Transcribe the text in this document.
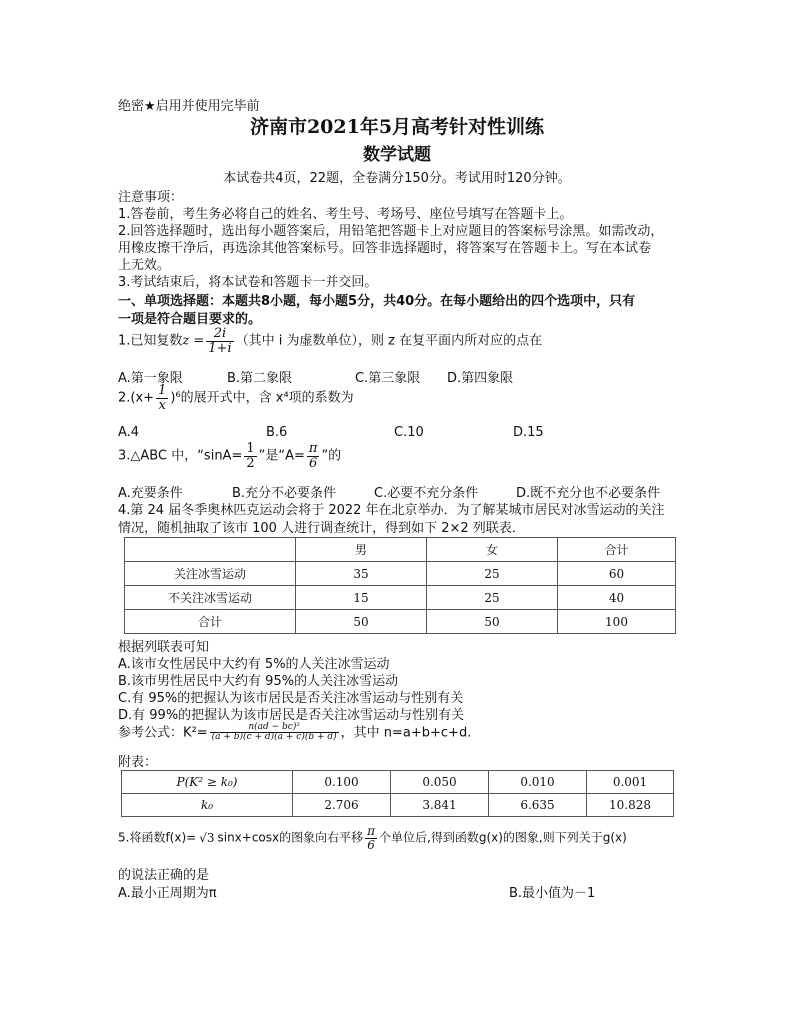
绝密★启用并使用完毕前
济南市2021年5月高考针对性训练
数学试题
本试卷共4页，22题，全卷满分150分。考试用时120分钟。
注意事项：
1.答卷前，考生务必将自己的姓名、考生号、考场号、座位号填写在答题卡上。
2.回答选择题时，选出每小题答案后，用铅笔把答题卡上对应题目的答案标号涂黑。如需改动，
用橡皮擦干净后，再选涂其他答案标号。回答非选择题时，将答案写在答题卡上。写在本试卷
上无效。
3.考试结束后，将本试卷和答题卡一并交回。
一、单项选择题：本题共8小题，每小题5分，共40分。在每小题给出的四个选项中，只有
一项是符合题目要求的。
1.已知复数$z = \frac{2i}{1+i}$ （其中 i 为虚数单位），则 z 在复平面内所对应的点在
A.第一象限	B.第二象限	C.第三象限 D.第四象限
$2.(x+ \frac{1}{x} )^6$的展开式中，含 x⁴项的系数为
A.4	B.6	C.10	D.15
3.△ABC 中，“$\sin A= \frac{1}{2}$ ”是“$A= \frac{\pi}{6}$ ”的
A.充要条件	B.充分不必要条件	C.必要不充分条件	D.既不充分也不必要条件
4.第 24 届冬季奥林匹克运动会将于 2022 年在北京举办．为了解某城市居民对冰雪运动的关注
情况，随机抽取了该市 100 人进行调查统计，得到如下 2×2 列联表．
	男	女	合计
关注冰雪运动	35	25	60
不关注冰雪运动	15	25	40
合计	50	50	100
根据列联表可知
A.该市女性居民中大约有 5%的人关注冰雪运动
B.该市男性居民中大约有 95%的人关注冰雪运动
C.有 95%的把握认为该市居民是否关注冰雪运动与性别有关
D.有 99%的把握认为该市居民是否关注冰雪运动与性别有关
参考公式：$K^2= \frac{\text{n(ad − bc)²}}{(a + b)(c + d)(a + c)(b + d)}$ ，其中 n=a+b+c+d.
附表：
P(K² ≥ k₀)	0.100	0.050	0.010	0.001
k₀	2.706	3.841	6.635	10.828
5.将函数f(x)= √3 sinx+cosx的图象向右平移 $\frac{\pi}{6}$ 个单位后,得到函数g(x)的图象,则下列关于g(x)
的说法正确的是
A.最小正周期为π	B.最小值为－1
